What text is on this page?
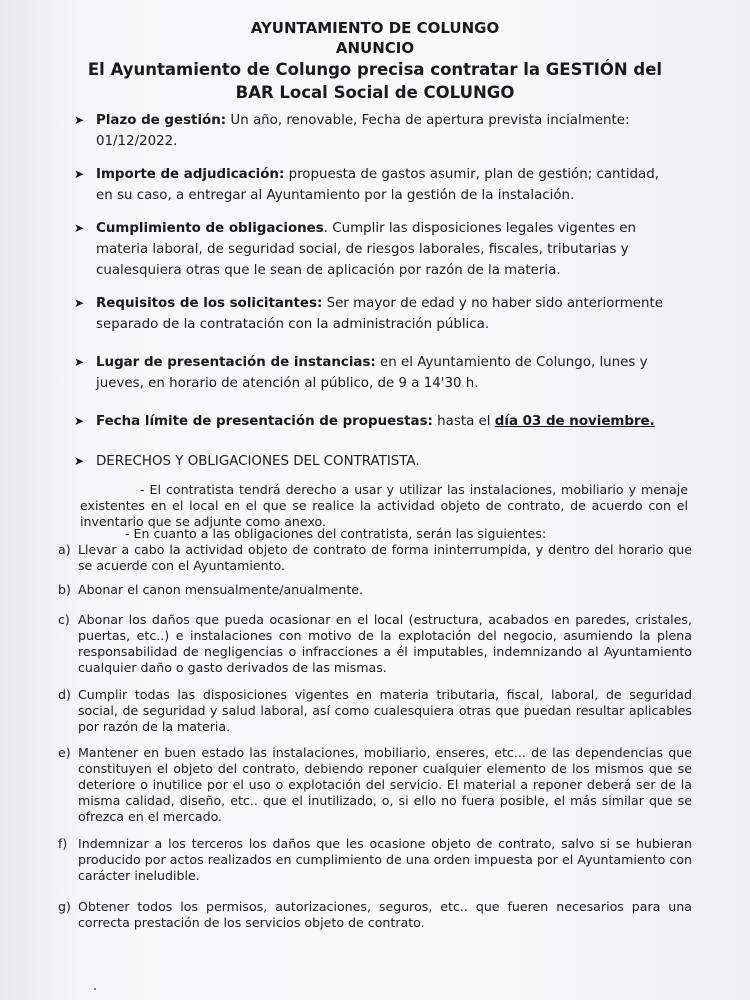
AYUNTAMIENTO DE COLUNGO
ANUNCIO
El Ayuntamiento de Colungo precisa contratar la GESTIÓN del
BAR Local Social de COLUNGO
➤ Plazo de gestión: Un año, renovable, Fecha de apertura prevista incialmente: 01/12/2022.
➤ Importe de adjudicación: propuesta de gastos asumir, plan de gestión; cantidad, en su caso, a entregar al Ayuntamiento por la gestión de la instalación.
➤ Cumplimiento de obligaciones. Cumplir las disposiciones legales vigentes en materia laboral, de seguridad social, de riesgos laborales, fiscales, tributarias y cualesquiera otras que le sean de aplicación por razón de la materia.
➤ Requisitos de los solicitantes: Ser mayor de edad y no haber sido anteriormente separado de la contratación con la administración pública.
➤ Lugar de presentación de instancias: en el Ayuntamiento de Colungo, lunes y jueves, en horario de atención al público, de 9 a 14'30 h.
➤ Fecha límite de presentación de propuestas: hasta el día 03 de noviembre.
➤ DERECHOS Y OBLIGACIONES DEL CONTRATISTA.
- El contratista tendrá derecho a usar y utilizar las instalaciones, mobiliario y menaje existentes en el local en el que se realice la actividad objeto de contrato, de acuerdo con el inventario que se adjunte como anexo.
- En cuanto a las obligaciones del contratista, serán las siguientes:
a) Llevar a cabo la actividad objeto de contrato de forma ininterrumpida, y dentro del horario que se acuerde con el Ayuntamiento.
b) Abonar el canon mensualmente/anualmente.
c) Abonar los daños que pueda ocasionar en el local (estructura, acabados en paredes, cristales, puertas, etc..) e instalaciones con motivo de la explotación del negocio, asumiendo la plena responsabilidad de negligencias o infracciones a él imputables, indemnizando al Ayuntamiento cualquier daño o gasto derivados de las mismas.
d) Cumplir todas las disposiciones vigentes en materia tributaria, fiscal, laboral, de seguridad social, de seguridad y salud laboral, así como cualesquiera otras que puedan resultar aplicables por razón de la materia.
e) Mantener en buen estado las instalaciones, mobiliario, enseres, etc... de las dependencias que constituyen el objeto del contrato, debiendo reponer cualquier elemento de los mismos que se deteriore o inutilice por el uso o explotación del servicio. El material a reponer deberá ser de la misma calidad, diseño, etc.. que el inutilizado, o, si ello no fuera posible, el más similar que se ofrezca en el mercado.
f) Indemnizar a los terceros los daños que les ocasione objeto de contrato, salvo si se hubieran producido por actos realizados en cumplimiento de una orden impuesta por el Ayuntamiento con carácter ineludible.
g) Obtener todos los permisos, autorizaciones, seguros, etc.. que fueren necesarios para una correcta prestación de los servicios objeto de contrato.
